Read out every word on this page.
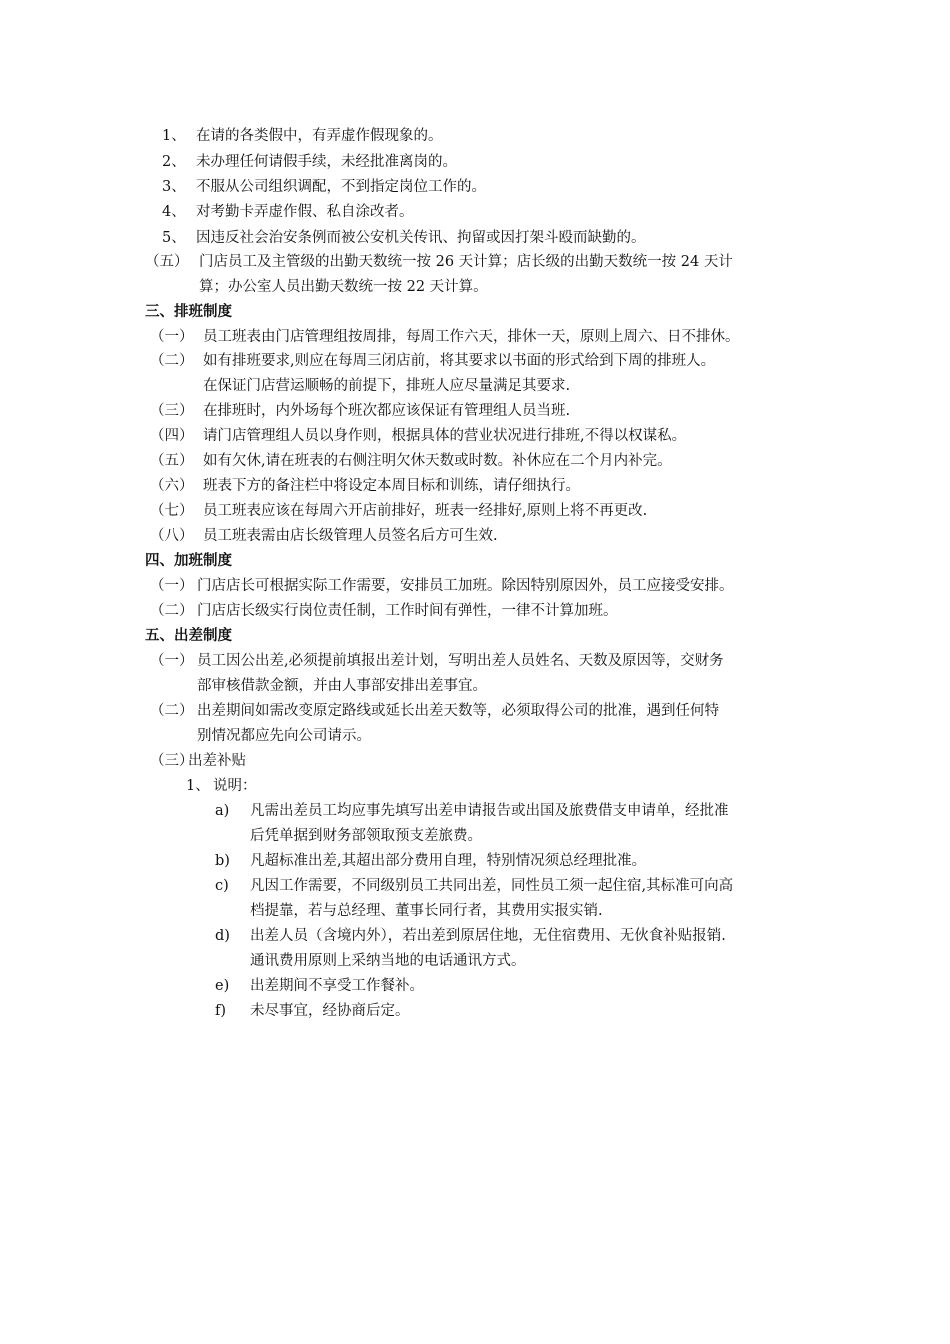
1、 在请的各类假中，有弄虚作假现象的。
2、 未办理任何请假手续，未经批准离岗的。
3、 不服从公司组织调配，不到指定岗位工作的。
4、 对考勤卡弄虚作假、私自涂改者。
5、 因违反社会治安条例而被公安机关传讯、拘留或因打架斗殴而缺勤的。
（五） 门店员工及主管级的出勤天数统一按 26 天计算；店长级的出勤天数统一按 24 天计
算；办公室人员出勤天数统一按 22 天计算。
三、排班制度
（一） 员工班表由门店管理组按周排，每周工作六天，排休一天，原则上周六、日不排休。
（二） 如有排班要求,则应在每周三闭店前，将其要求以书面的形式给到下周的排班人。
在保证门店营运顺畅的前提下，排班人应尽量满足其要求.
（三） 在排班时，内外场每个班次都应该保证有管理组人员当班.
（四） 请门店管理组人员以身作则，根据具体的营业状况进行排班,不得以权谋私。
（五） 如有欠休,请在班表的右侧注明欠休天数或时数。补休应在二个月内补完。
（六） 班表下方的备注栏中将设定本周目标和训练，请仔细执行。
（七） 员工班表应该在每周六开店前排好，班表一经排好,原则上将不再更改.
（八） 员工班表需由店长级管理人员签名后方可生效.
四、加班制度
（一） 门店店长可根据实际工作需要，安排员工加班。除因特别原因外，员工应接受安排。
（二） 门店店长级实行岗位责任制，工作时间有弹性，一律不计算加班。
五、出差制度
（一） 员工因公出差,必须提前填报出差计划，写明出差人员姓名、天数及原因等，交财务
部审核借款金额，并由人事部安排出差事宜。
（二） 出差期间如需改变原定路线或延长出差天数等，必须取得公司的批准，遇到任何特
别情况都应先向公司请示。
（三）
出差补贴
1、 说明：
a) 凡需出差员工均应事先填写出差申请报告或出国及旅费借支申请单，经批准
后凭单据到财务部领取预支差旅费。
b) 凡超标准出差,其超出部分费用自理，特别情况须总经理批准。
c) 凡因工作需要，不同级别员工共同出差，同性员工须一起住宿,其标准可向高
档提靠，若与总经理、董事长同行者，其费用实报实销.
d) 出差人员（含境内外），若出差到原居住地，无住宿费用、无伙食补贴报销.
通讯费用原则上采纳当地的电话通讯方式。
e) 出差期间不享受工作餐补。
f) 未尽事宜，经协商后定。
